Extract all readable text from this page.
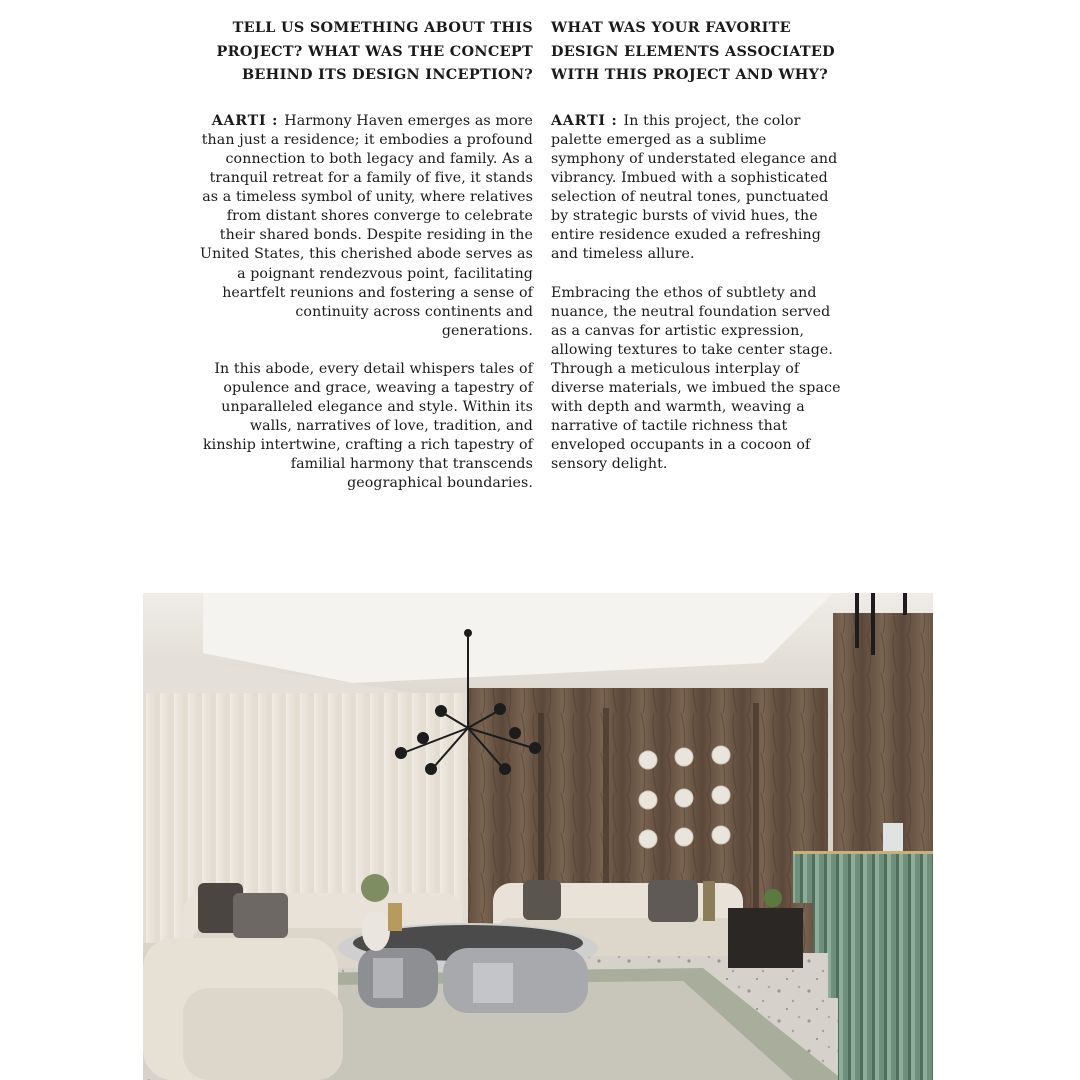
TELL US SOMETHING ABOUT THIS PROJECT? WHAT WAS THE CONCEPT BEHIND ITS DESIGN INCEPTION?

AARTI : Harmony Haven emerges as more than just a residence; it embodies a profound connection to both legacy and family. As a tranquil retreat for a family of five, it stands as a timeless symbol of unity, where relatives from distant shores converge to celebrate their shared bonds. Despite residing in the United States, this cherished abode serves as a poignant rendezvous point, facilitating heartfelt reunions and fostering a sense of continuity across continents and generations.

In this abode, every detail whispers tales of opulence and grace, weaving a tapestry of unparalleled elegance and style. Within its walls, narratives of love, tradition, and kinship intertwine, crafting a rich tapestry of familial harmony that transcends geographical boundaries.

WHAT WAS YOUR FAVORITE DESIGN ELEMENTS ASSOCIATED WITH THIS PROJECT AND WHY?

AARTI : In this project, the color palette emerged as a sublime symphony of understated elegance and vibrancy. Imbued with a sophisticated selection of neutral tones, punctuated by strategic bursts of vivid hues, the entire residence exuded a refreshing and timeless allure.

Embracing the ethos of subtlety and nuance, the neutral foundation served as a canvas for artistic expression, allowing textures to take center stage. Through a meticulous interplay of diverse materials, we imbued the space with depth and warmth, weaving a narrative of tactile richness that enveloped occupants in a cocoon of sensory delight.
